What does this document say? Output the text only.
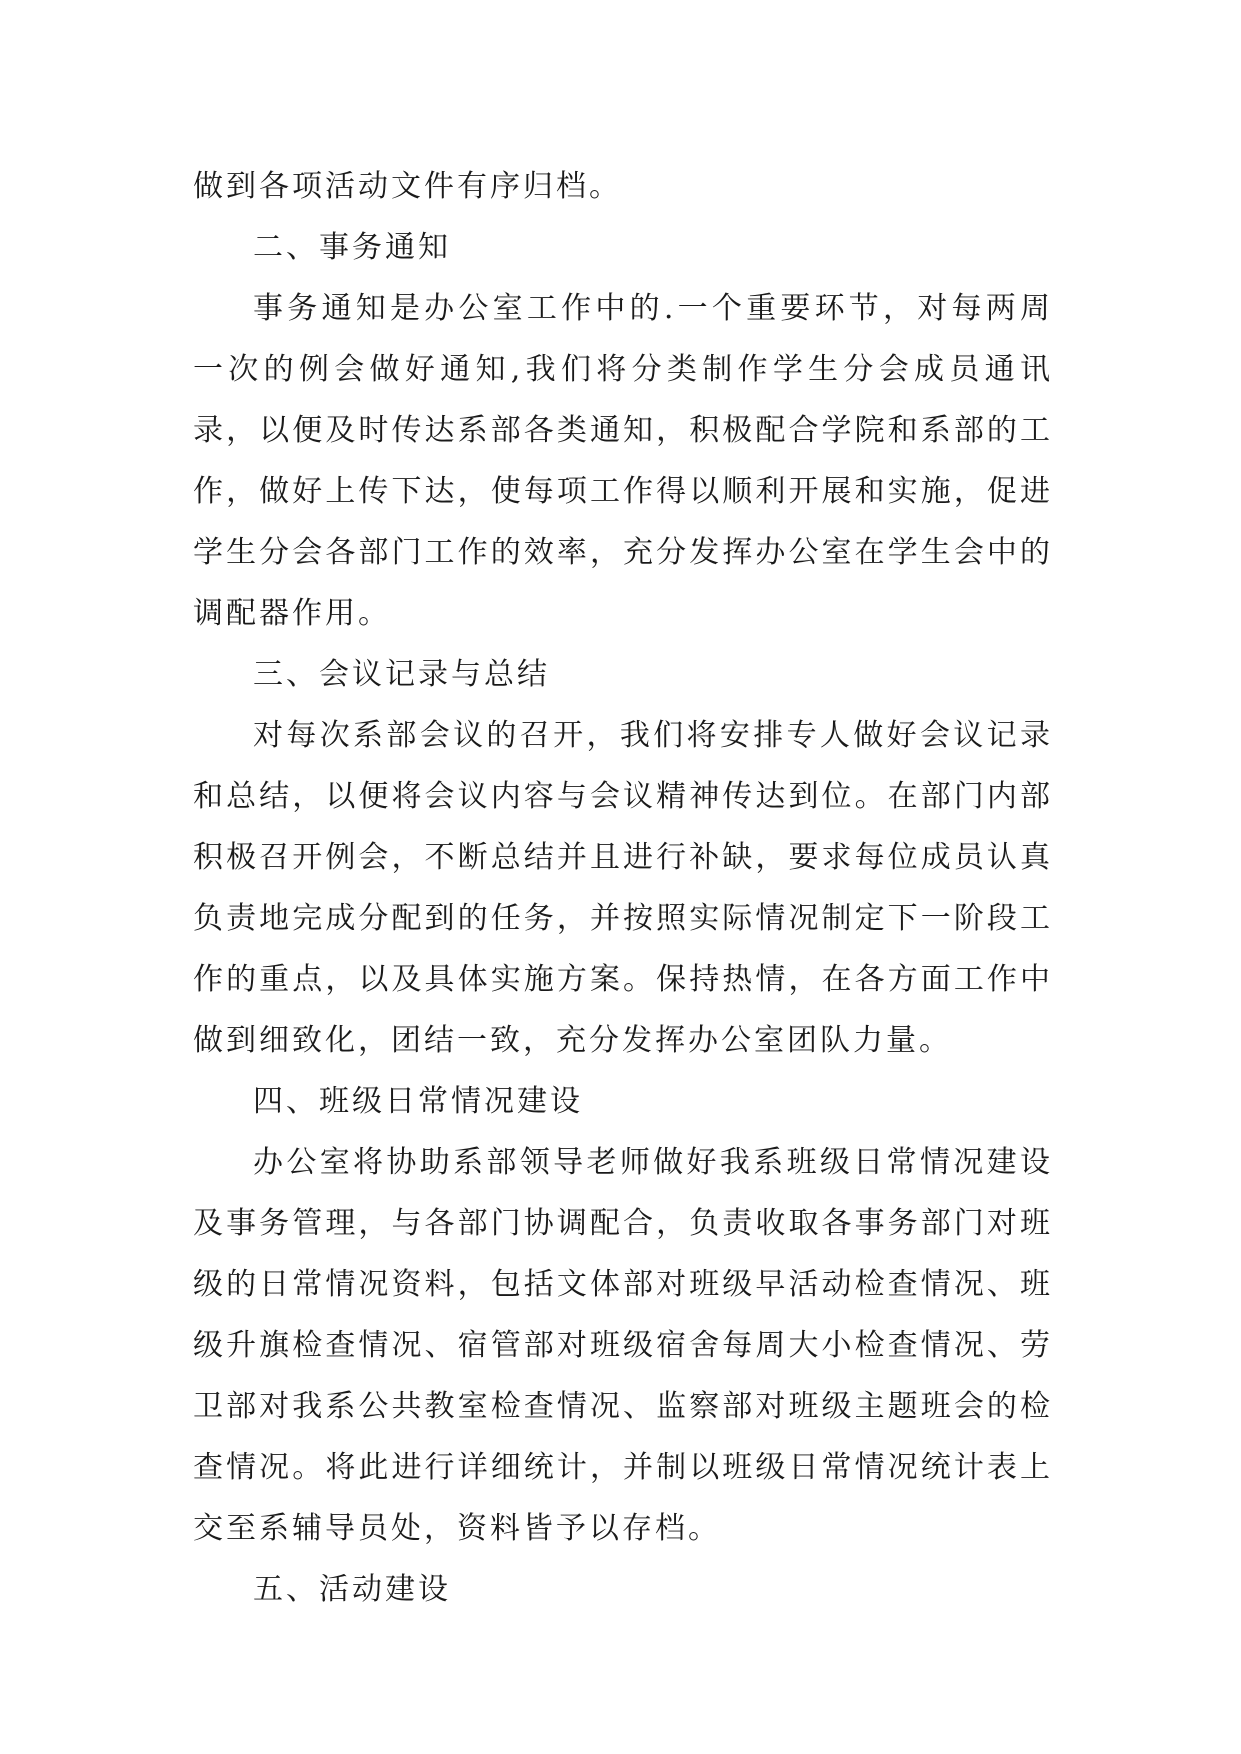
做到各项活动文件有序归档。

二、事务通知

事务通知是办公室工作中的.一个重要环节，对每两周一次的例会做好通知,我们将分类制作学生分会成员通讯录，以便及时传达系部各类通知，积极配合学院和系部的工作，做好上传下达，使每项工作得以顺利开展和实施，促进学生分会各部门工作的效率，充分发挥办公室在学生会中的调配器作用。

三、会议记录与总结

对每次系部会议的召开，我们将安排专人做好会议记录和总结，以便将会议内容与会议精神传达到位。在部门内部积极召开例会，不断总结并且进行补缺，要求每位成员认真负责地完成分配到的任务，并按照实际情况制定下一阶段工作的重点，以及具体实施方案。保持热情，在各方面工作中做到细致化，团结一致，充分发挥办公室团队力量。

四、班级日常情况建设

办公室将协助系部领导老师做好我系班级日常情况建设及事务管理，与各部门协调配合，负责收取各事务部门对班级的日常情况资料，包括文体部对班级早活动检查情况、班级升旗检查情况、宿管部对班级宿舍每周大小检查情况、劳卫部对我系公共教室检查情况、监察部对班级主题班会的检查情况。将此进行详细统计，并制以班级日常情况统计表上交至系辅导员处，资料皆予以存档。

五、活动建设
